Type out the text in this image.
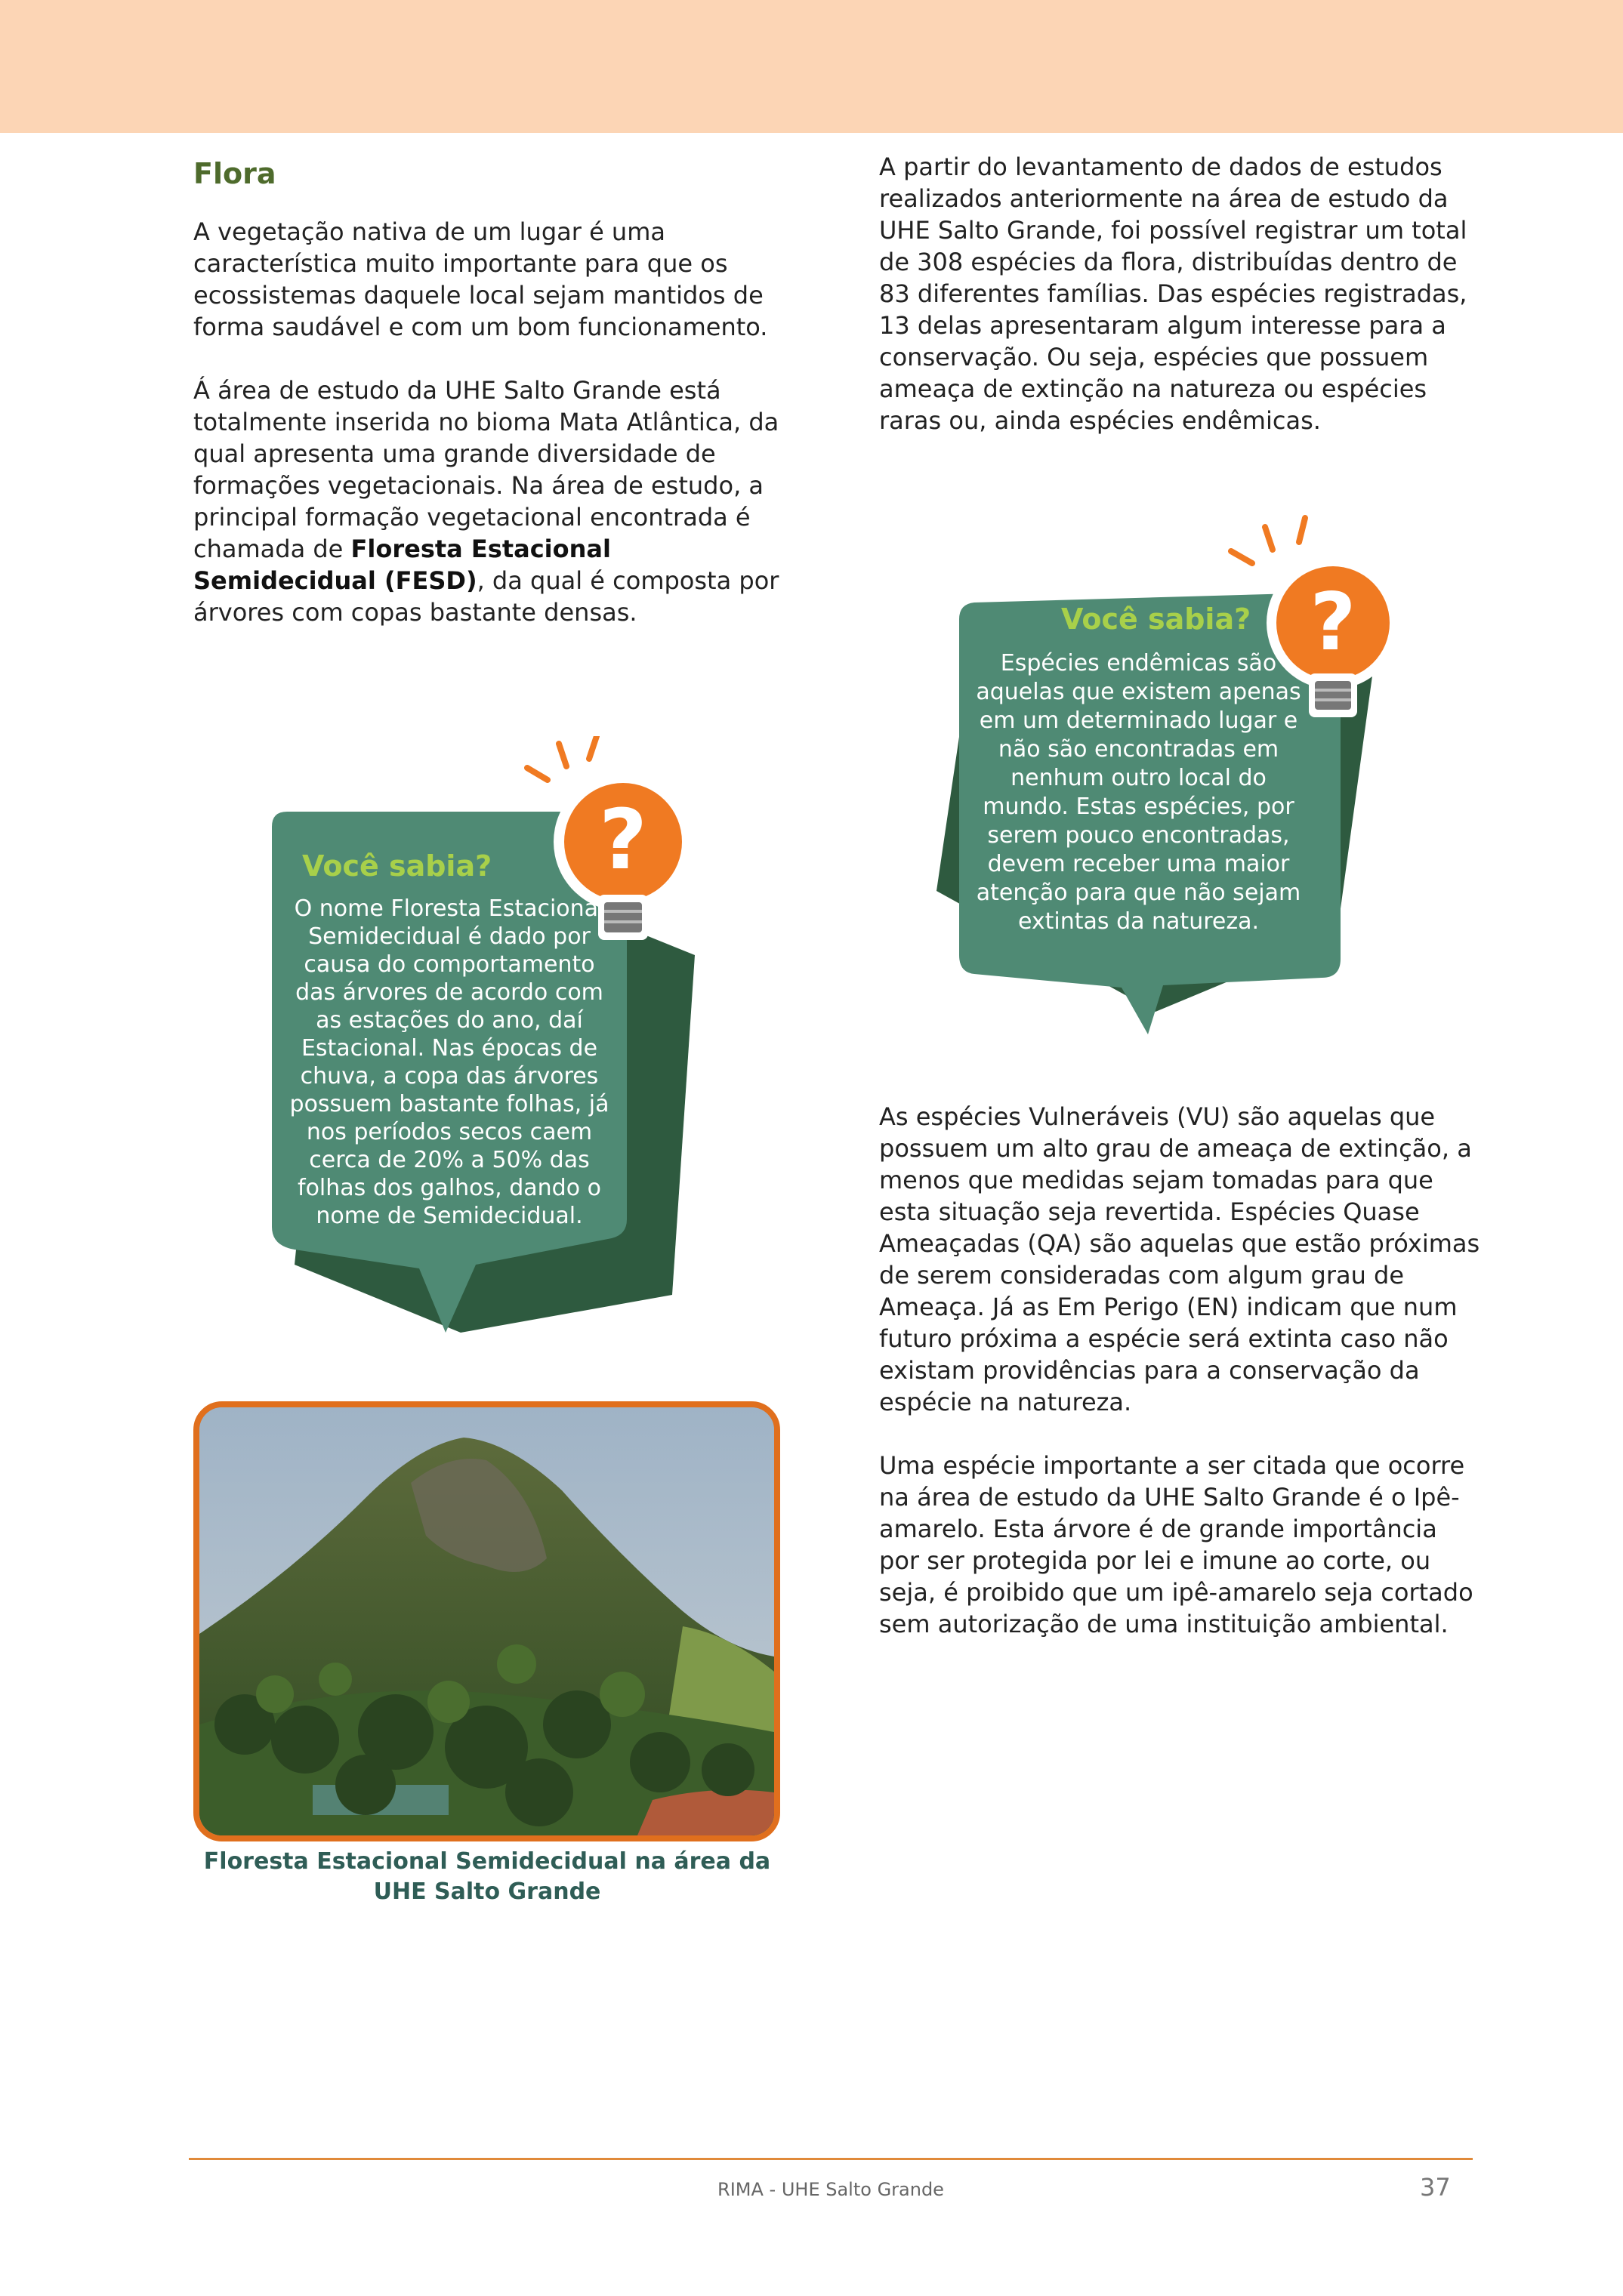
Flora

A vegetação nativa de um lugar é uma característica muito importante para que os ecossistemas daquele local sejam mantidos de forma saudável e com um bom funcionamento.

Á área de estudo da UHE Salto Grande está totalmente inserida no bioma Mata Atlântica, da qual apresenta uma grande diversidade de formações vegetacionais. Na área de estudo, a principal formação vegetacional encontrada é chamada de Floresta Estacional Semidecidual (FESD), da qual é composta por árvores com copas bastante densas.

?
Você sabia?
O nome Floresta Estacional Semidecidual é dado por causa do comportamento das árvores de acordo com as estações do ano, daí Estacional. Nas épocas de chuva, a copa das árvores possuem bastante folhas, já nos períodos secos caem cerca de 20% a 50% das folhas dos galhos, dando o nome de Semidecidual.
?
Você sabia?
Espécies endêmicas são aquelas que existem apenas em um determinado lugar e não são encontradas em nenhum outro local do mundo. Estas espécies, por serem pouco encontradas, devem receber uma maior atenção para que não sejam extintas da natureza.

A partir do levantamento de dados de estudos realizados anteriormente na área de estudo da UHE Salto Grande, foi possível registrar um total de 308 espécies da flora, distribuídas dentro de 83 diferentes famílias. Das espécies registradas, 13 delas apresentaram algum interesse para a conservação. Ou seja, espécies que possuem ameaça de extinção na natureza ou espécies raras ou, ainda espécies endêmicas.

As espécies Vulneráveis (VU) são aquelas que possuem um alto grau de ameaça de extinção, a menos que medidas sejam tomadas para que esta situação seja revertida. Espécies Quase Ameaçadas (QA) são aquelas que estão próximas de serem consideradas com algum grau de Ameaça. Já as Em Perigo (EN) indicam que num futuro próxima a espécie será extinta caso não existam providências para a conservação da espécie na natureza.

Uma espécie importante a ser citada que ocorre na área de estudo da UHE Salto Grande é o Ipê-amarelo. Esta árvore é de grande importância por ser protegida por lei e imune ao corte, ou seja, é proibido que um ipê-amarelo seja cortado sem autorização de uma instituição ambiental.

Floresta Estacional Semidecidual na área da UHE Salto Grande
RIMA - UHE Salto Grande	37
